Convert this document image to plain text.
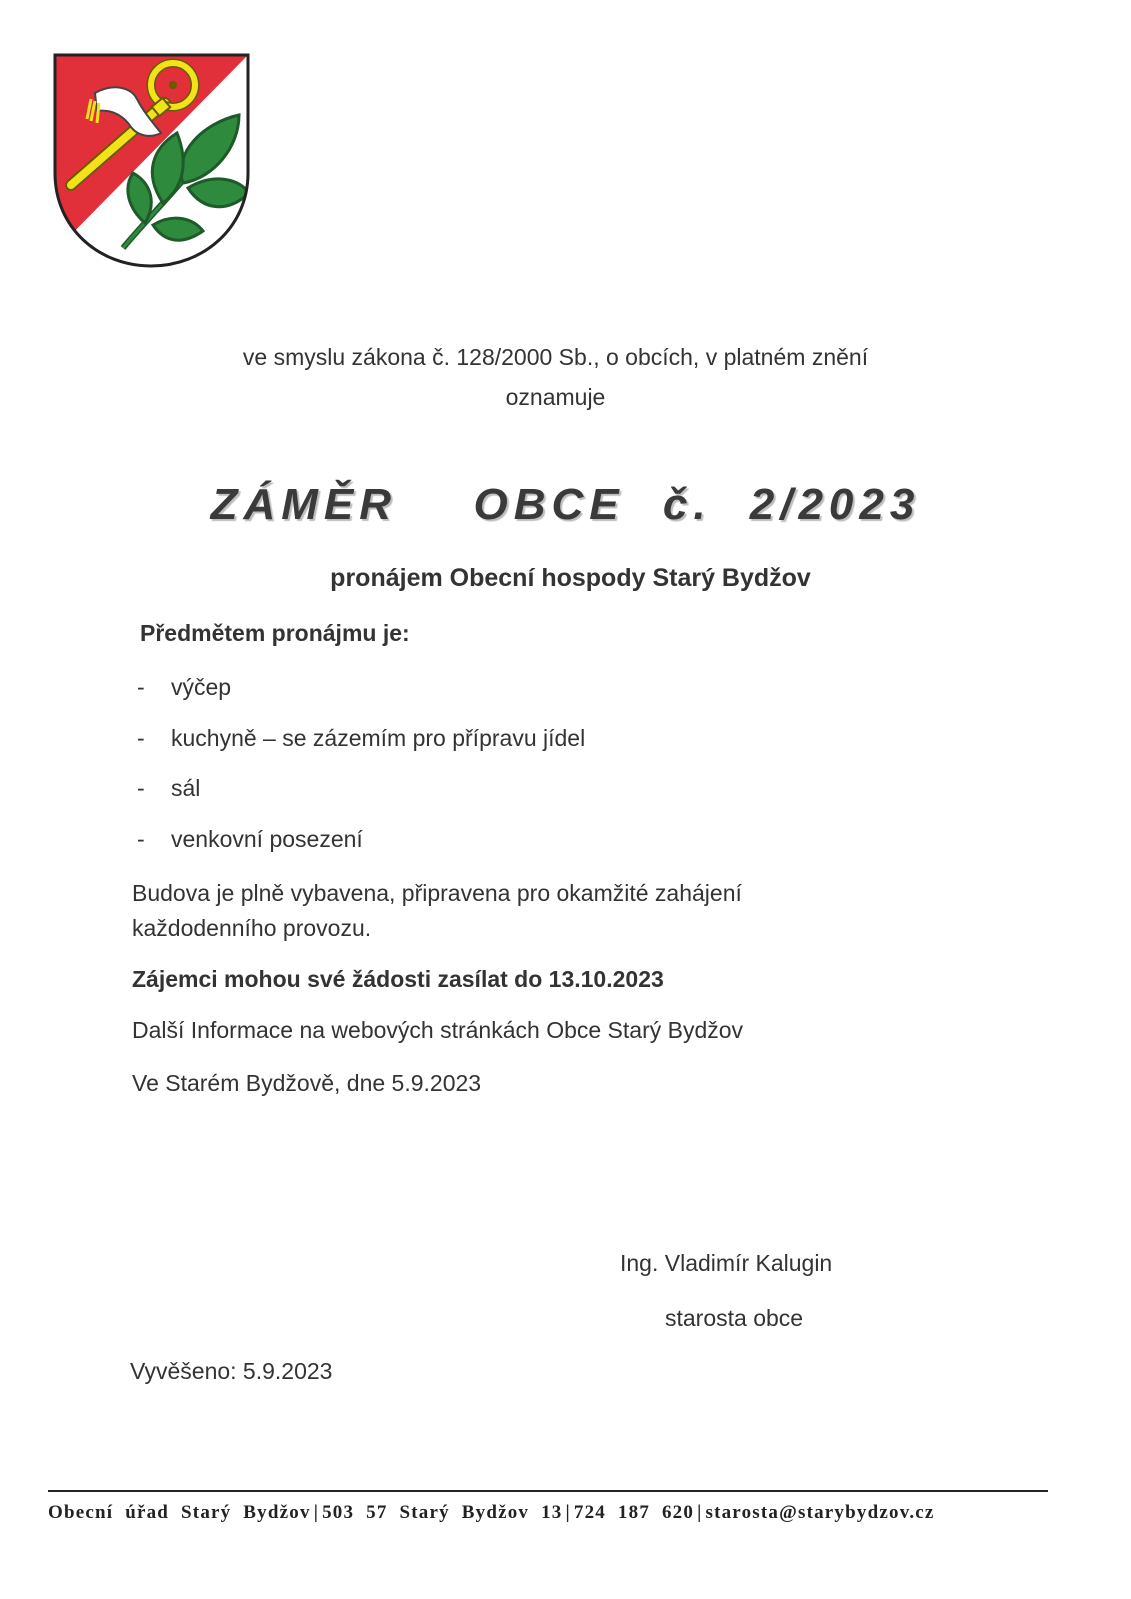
ve smyslu zákona č. 128/2000 Sb., o obcích, v platném znění
oznamuje
ZÁMĚR  OBCE č. 2/2023
pronájem Obecní hospody Starý Bydžov
Předmětem pronájmu je:
- výčep
- kuchyně – se zázemím pro přípravu jídel
- sál
- venkovní posezení
Budova je plně vybavena, připravena pro okamžité zahájení každodenního provozu.
Zájemci mohou své žádosti zasílat do 13.10.2023
Další Informace na webových stránkách Obce Starý Bydžov
Ve Starém Bydžově, dne 5.9.2023
Ing. Vladimír Kalugin
starosta obce
Vyvěšeno: 5.9.2023
Obecní úřad Starý Bydžov | 503 57 Starý Bydžov 13 | 724 187 620 | starosta@starybydzov.cz
